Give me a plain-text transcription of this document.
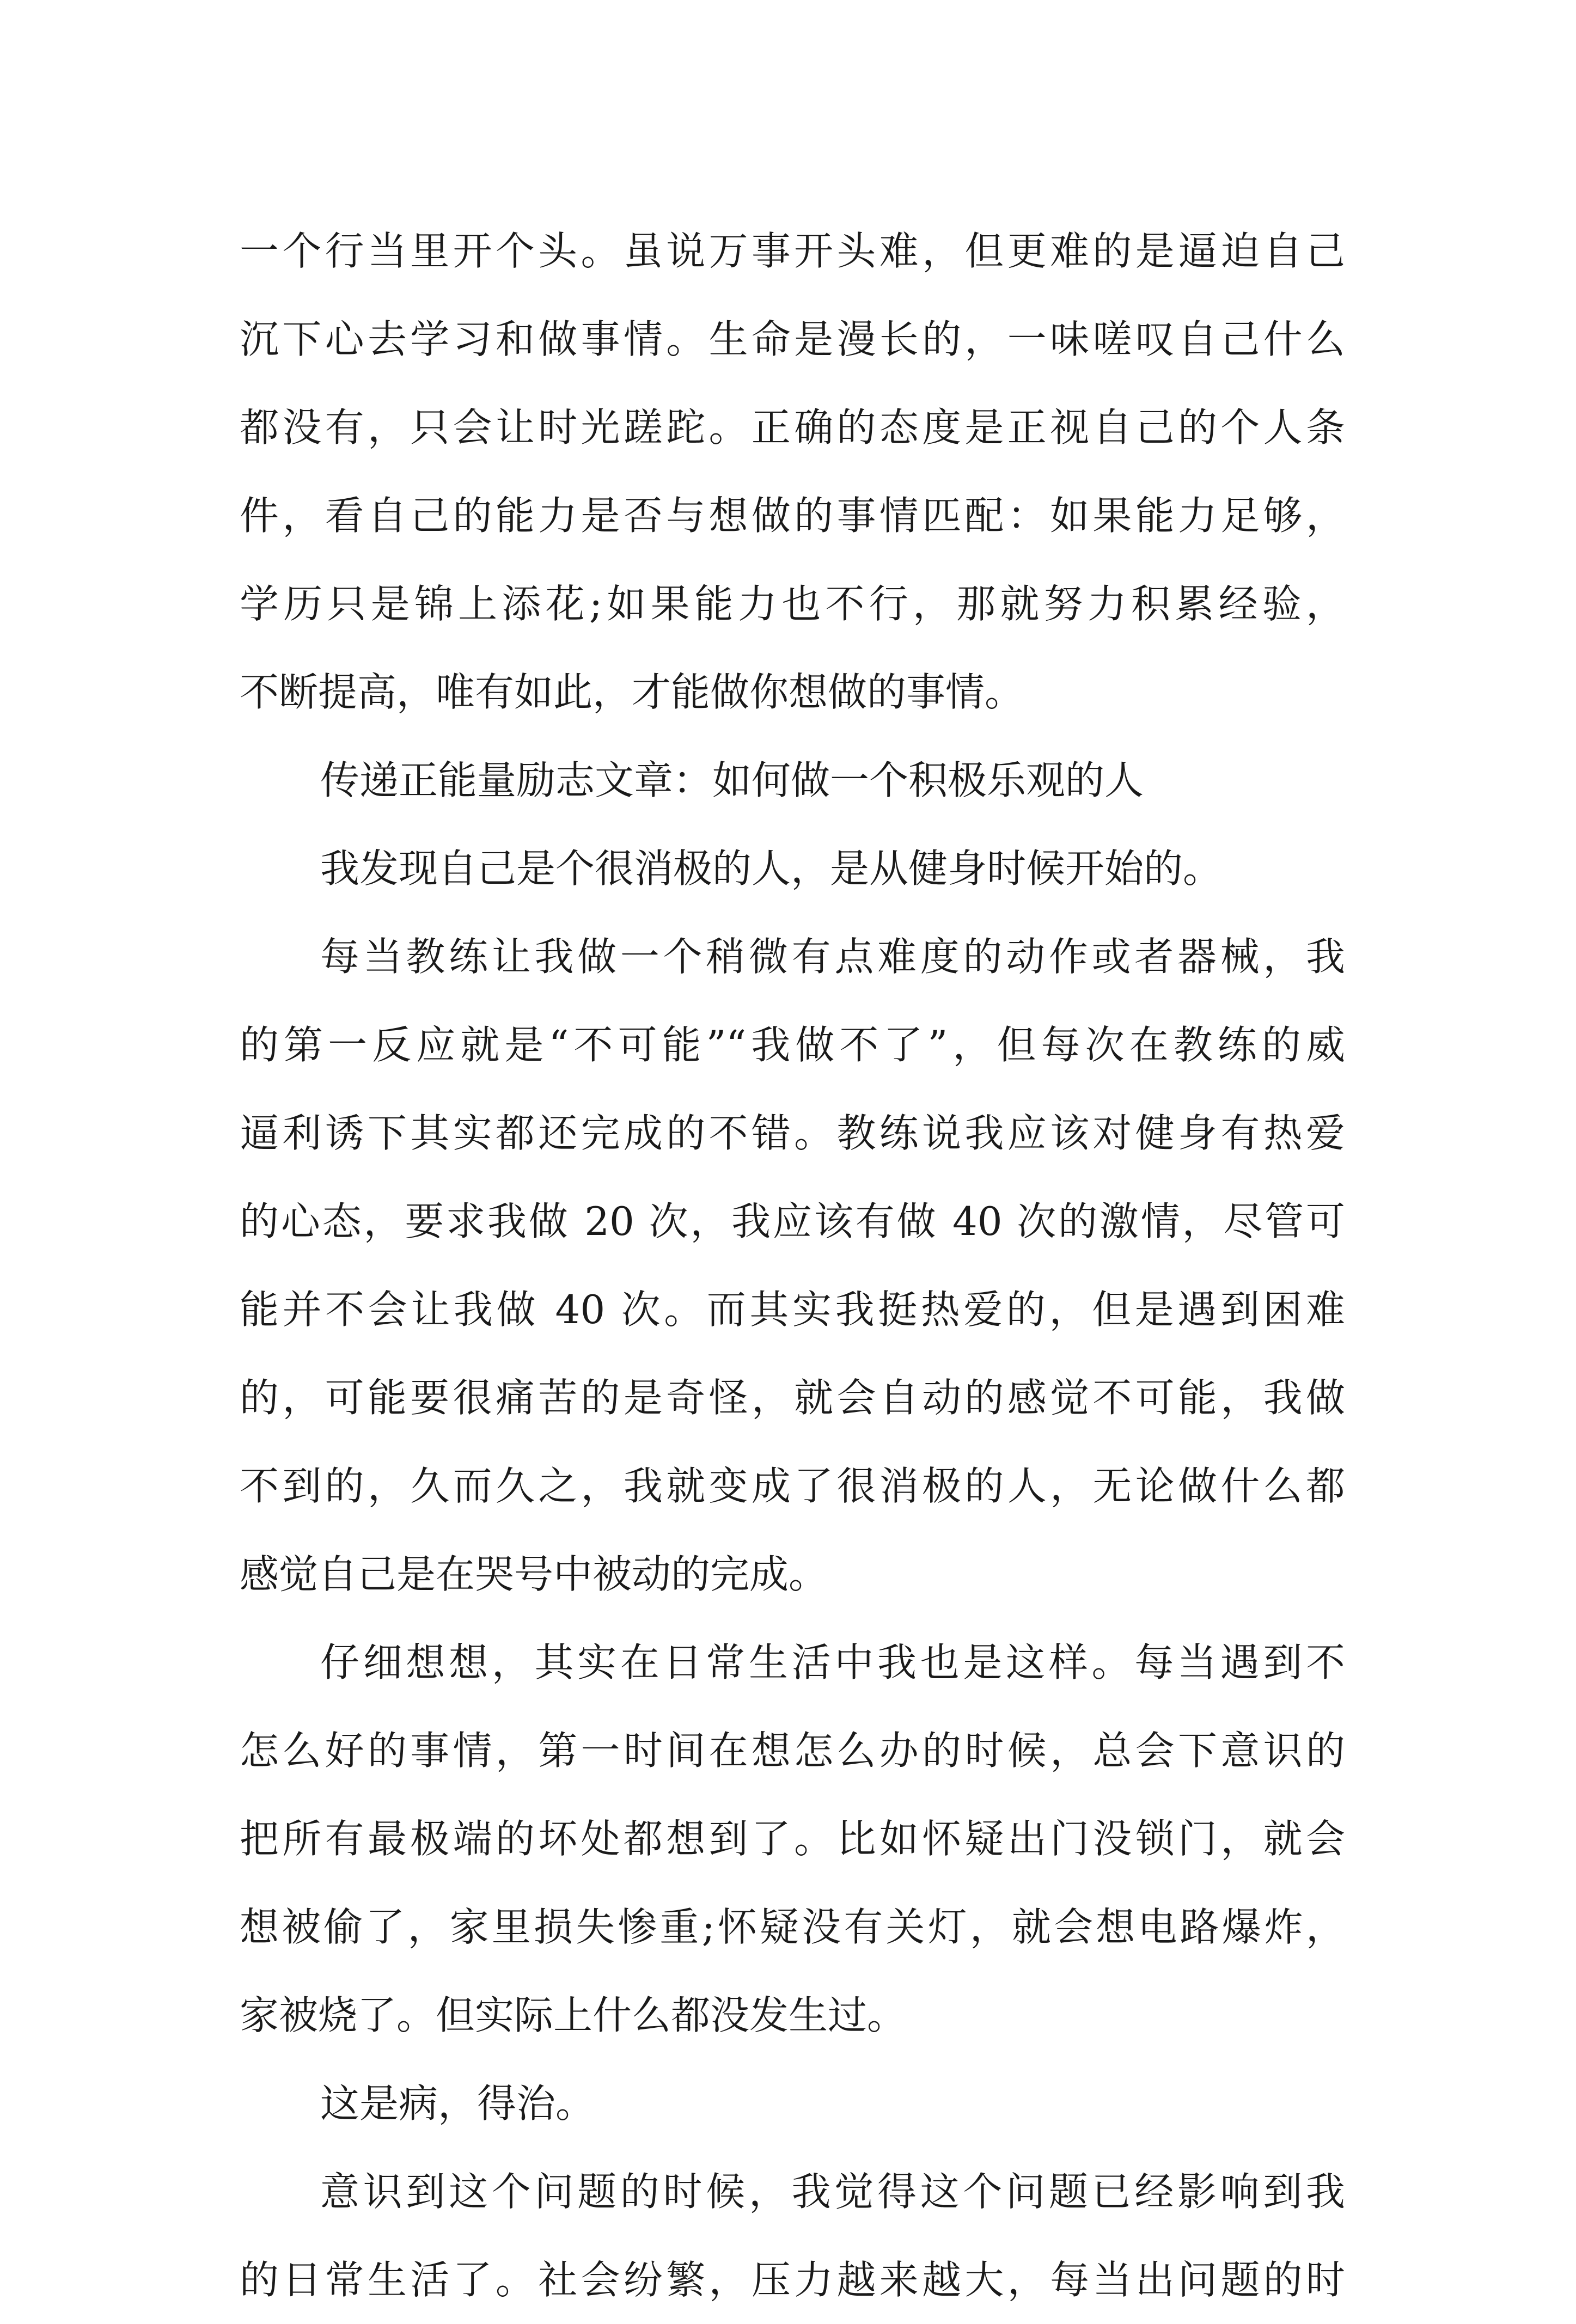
一个行当里开个头。虽说万事开头难，但更难的是逼迫自己
沉下心去学习和做事情。生命是漫长的，一味嗟叹自己什么
都没有，只会让时光蹉跎。正确的态度是正视自己的个人条
件，看自己的能力是否与想做的事情匹配：如果能力足够，
学历只是锦上添花;如果能力也不行，那就努力积累经验，
不断提高，唯有如此，才能做你想做的事情。
传递正能量励志文章：如何做一个积极乐观的人
我发现自己是个很消极的人，是从健身时候开始的。
每当教练让我做一个稍微有点难度的动作或者器械，我
的第一反应就是“不可能”“我做不了”，但每次在教练的威
逼利诱下其实都还完成的不错。教练说我应该对健身有热爱
的心态，要求我做 20 次，我应该有做 40 次的激情，尽管可
能并不会让我做 40 次。而其实我挺热爱的，但是遇到困难
的，可能要很痛苦的是奇怪，就会自动的感觉不可能，我做
不到的，久而久之，我就变成了很消极的人，无论做什么都
感觉自己是在哭号中被动的完成。
仔细想想，其实在日常生活中我也是这样。每当遇到不
怎么好的事情，第一时间在想怎么办的时候，总会下意识的
把所有最极端的坏处都想到了。比如怀疑出门没锁门，就会
想被偷了，家里损失惨重;怀疑没有关灯，就会想电路爆炸，
家被烧了。但实际上什么都没发生过。
这是病，得治。
意识到这个问题的时候，我觉得这个问题已经影响到我
的日常生活了。社会纷繁，压力越来越大，每当出问题的时
